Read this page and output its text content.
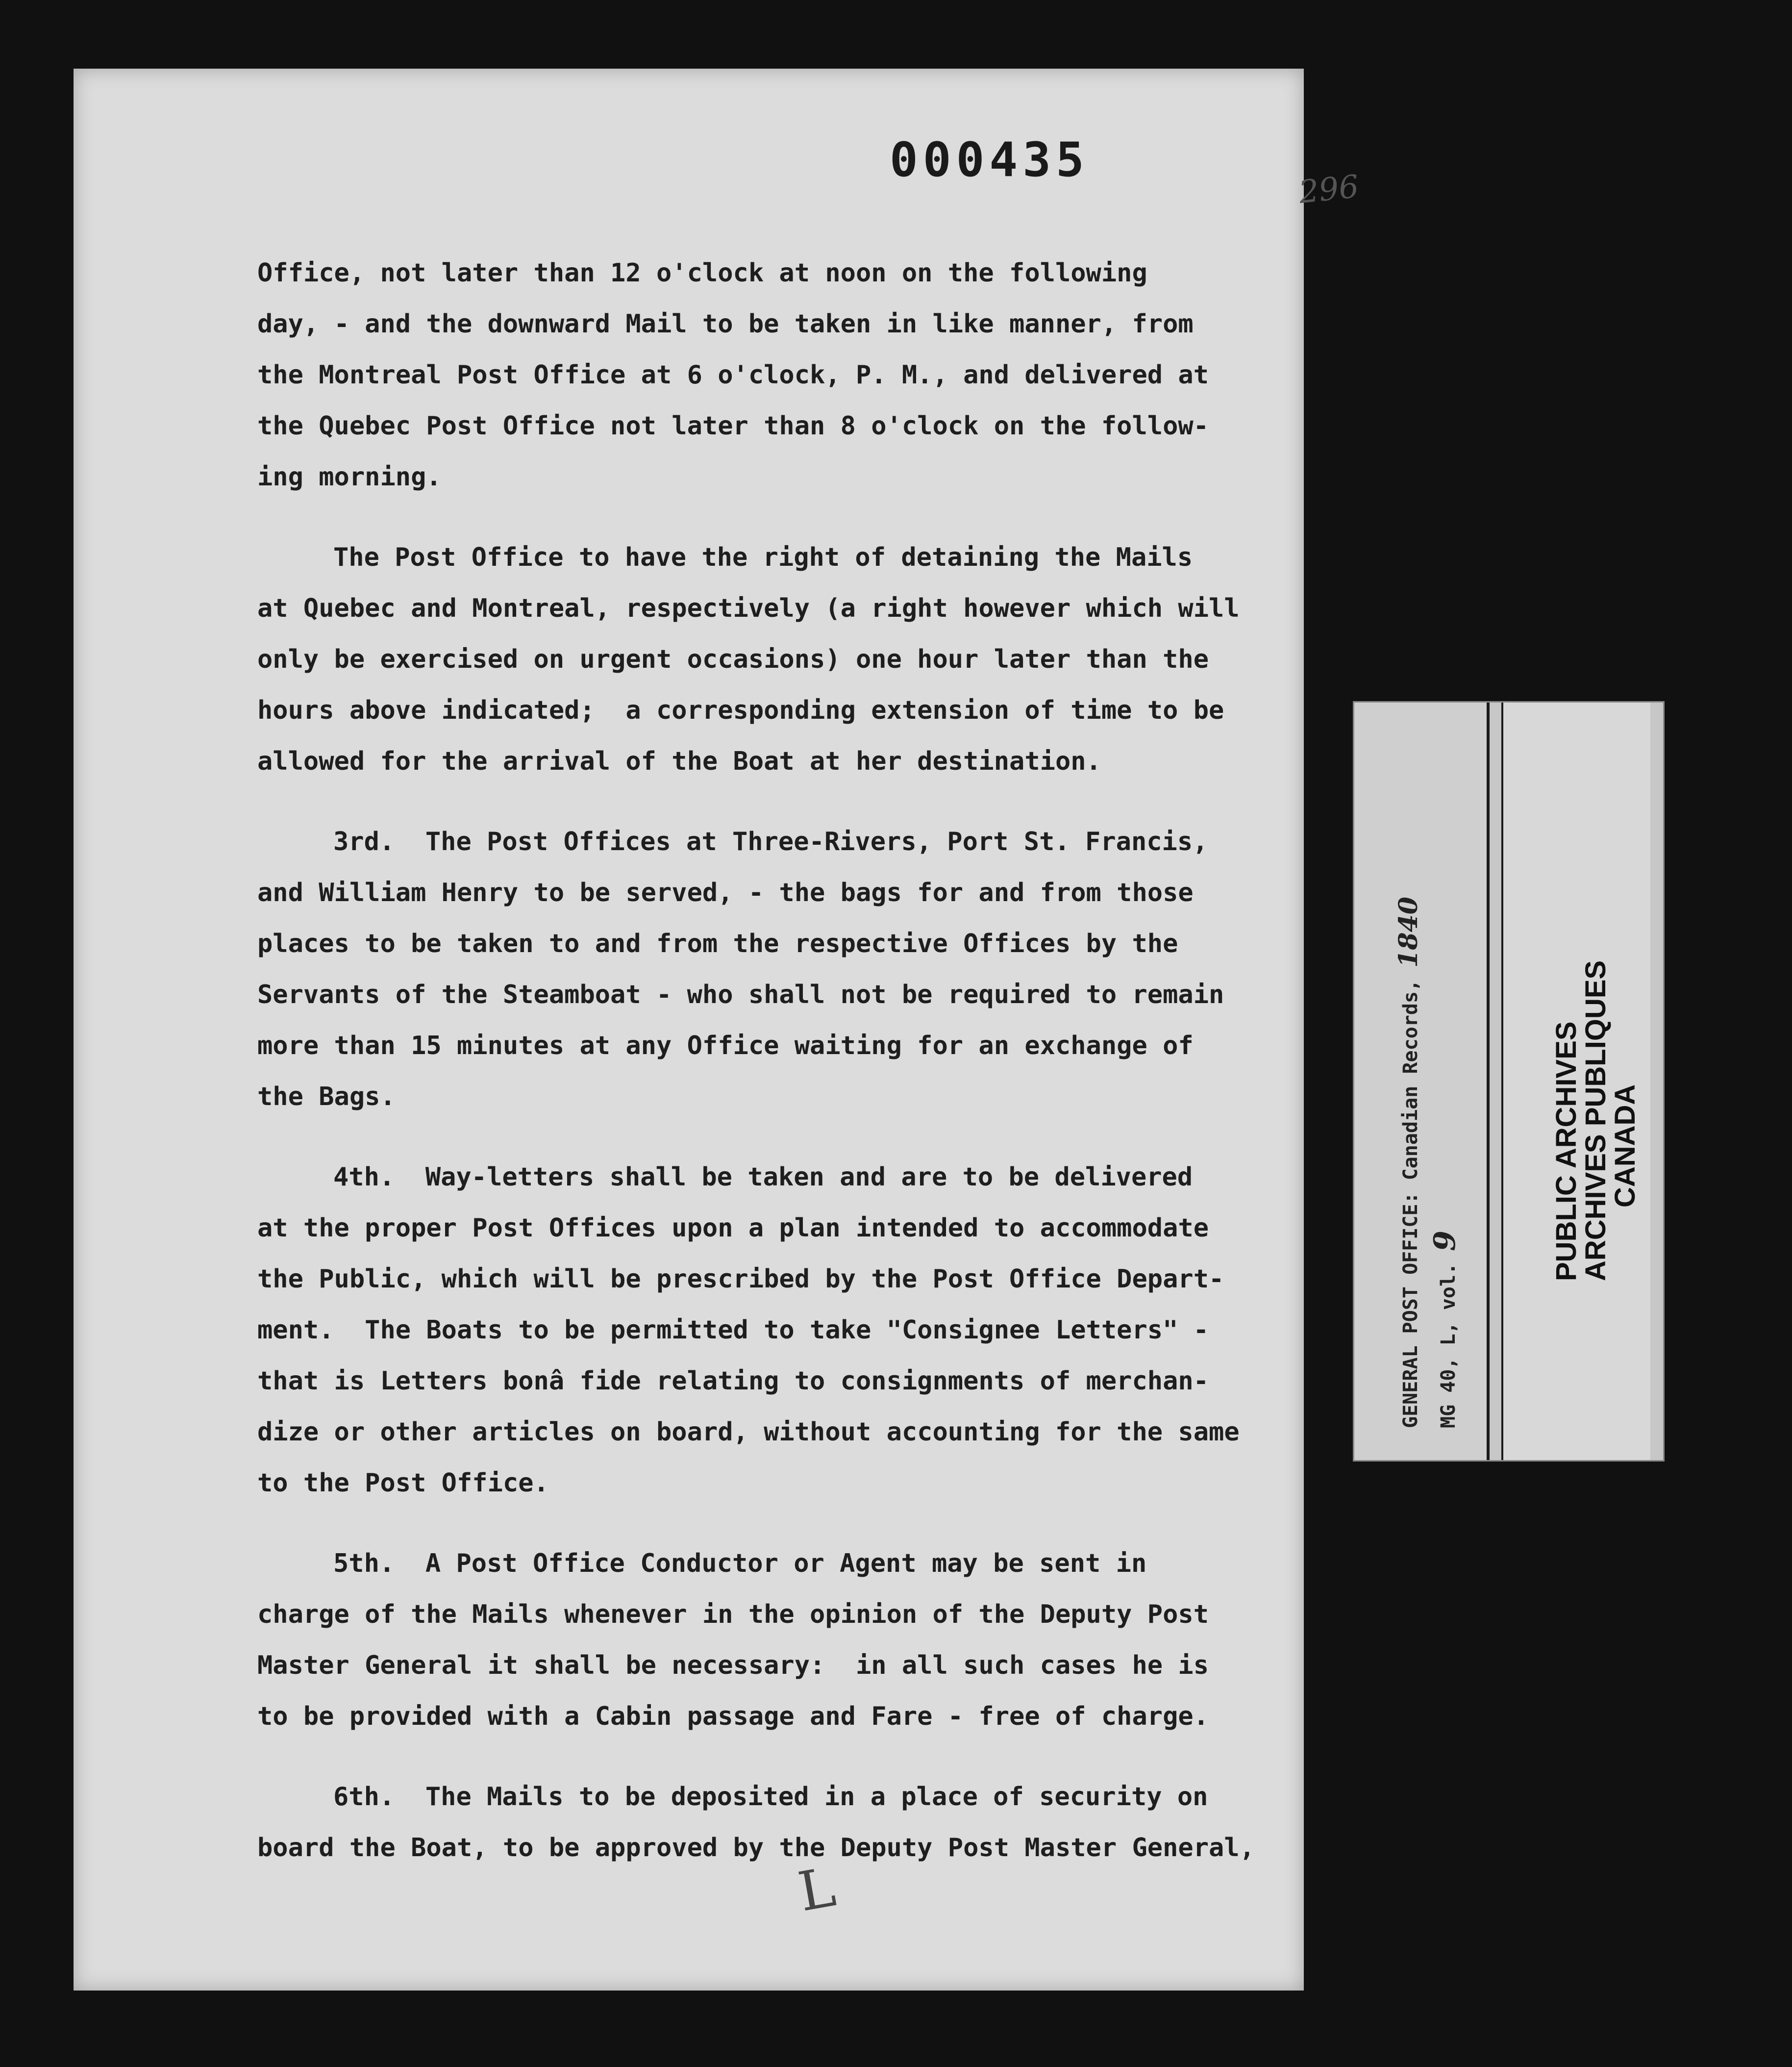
296
000435
Office, not later than 12 o'clock at noon on the following
day, - and the downward Mail to be taken in like manner, from
the Montreal Post Office at 6 o'clock, P. M., and delivered at
the Quebec Post Office not later than 8 o'clock on the follow-
ing morning.
The Post Office to have the right of detaining the Mails
at Quebec and Montreal, respectively (a right however which will
only be exercised on urgent occasions) one hour later than the
hours above indicated;  a corresponding extension of time to be
allowed for the arrival of the Boat at her destination.
3rd.  The Post Offices at Three-Rivers, Port St. Francis,
and William Henry to be served, - the bags for and from those
places to be taken to and from the respective Offices by the
Servants of the Steamboat - who shall not be required to remain
more than 15 minutes at any Office waiting for an exchange of
the Bags.
4th.  Way-letters shall be taken and are to be delivered
at the proper Post Offices upon a plan intended to accommodate
the Public, which will be prescribed by the Post Office Depart-
ment.  The Boats to be permitted to take "Consignee Letters" -
that is Letters bonâ fide relating to consignments of merchan-
dize or other articles on board, without accounting for the same
to the Post Office.
5th.  A Post Office Conductor or Agent may be sent in
charge of the Mails whenever in the opinion of the Deputy Post
Master General it shall be necessary:  in all such cases he is
to be provided with a Cabin passage and Fare - free of charge.
6th.  The Mails to be deposited in a place of security on
board the Boat, to be approved by the Deputy Post Master General,
L
GENERAL POST OFFICE: Canadian Records, 1840
MG 40, L, vol. 9	PUBLIC ARCHIVES
ARCHIVES PUBLIQUES
CANADA
